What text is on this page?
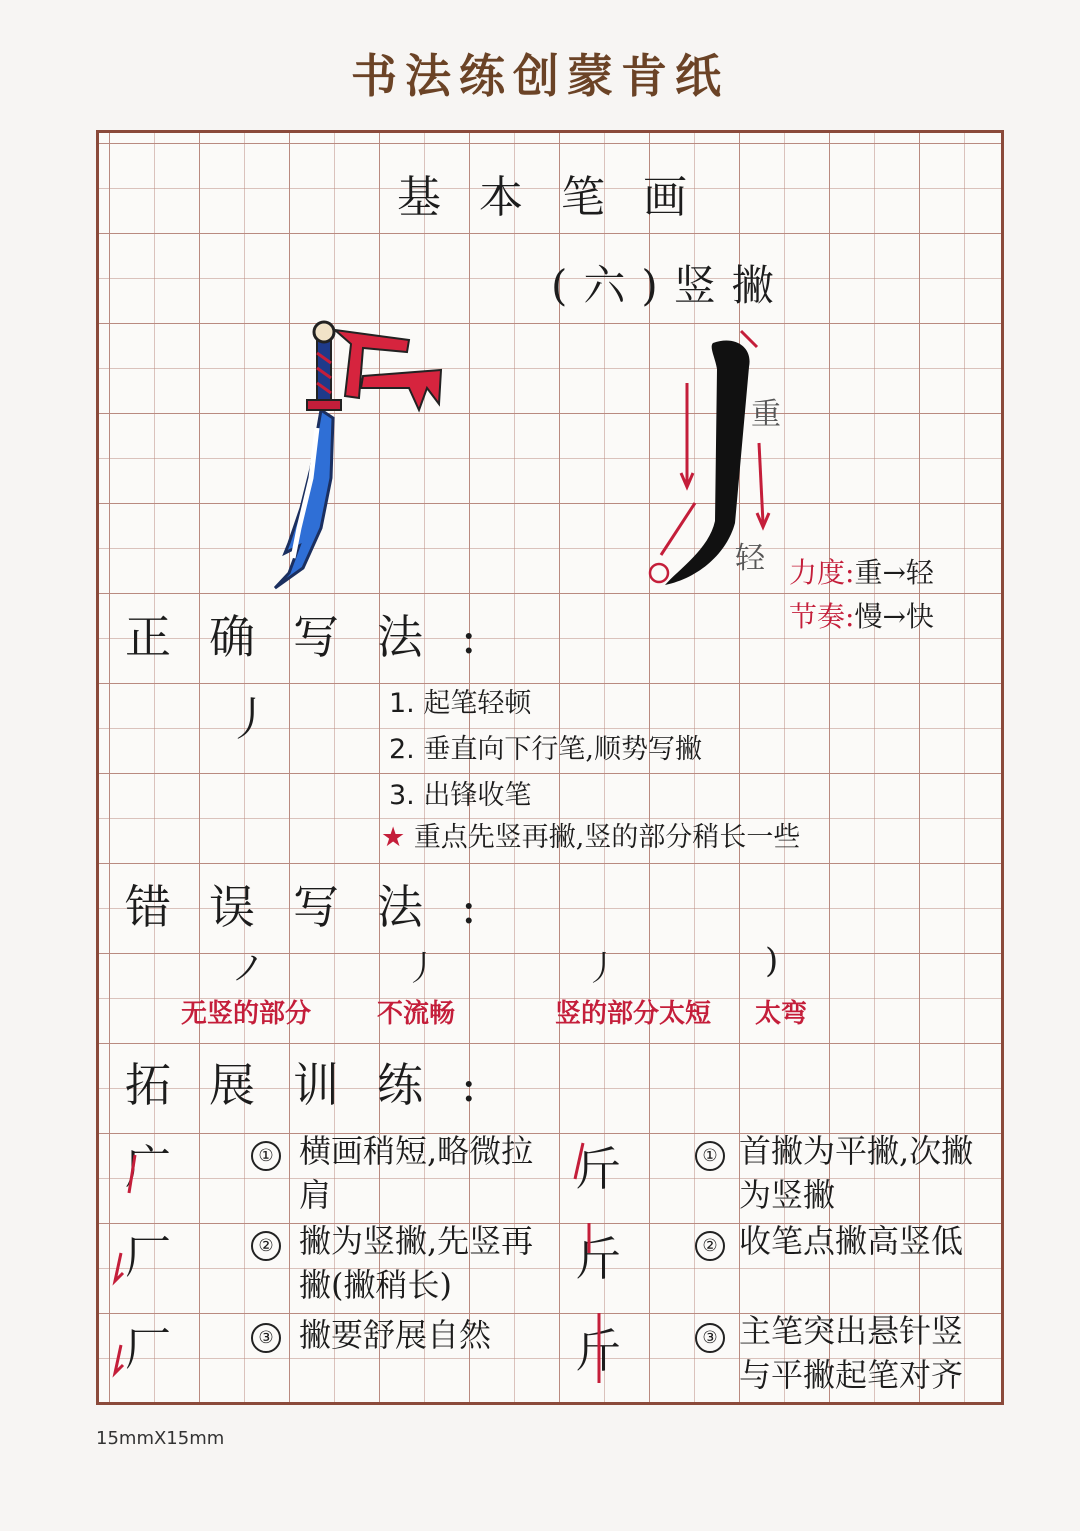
书法练创蒙肯纸
基本笔画
(六)竖撇
重
轻 力度:重→轻
节奏:慢→快
正确写法:
丿	1. 起笔轻顿
2. 垂直向下行笔,顺势写撇
3. 出锋收笔
★ 重点先竖再撇,竖的部分稍长一些
错误写法:
ノ	丿	丿	)
无竖的部分	不流畅	竖的部分太短 太弯
拓展训练:
广	① 横画稍短,略微拉肩
厂	② 撇为竖撇,先竖再撇(撇稍长)
厂	③ 撇要舒展自然
斤	① 首撇为平撇,次撇为竖撇
斤	② 收笔点撇高竖低
斤	③ 主笔突出悬针竖与平撇起笔对齐
15mmX15mm
